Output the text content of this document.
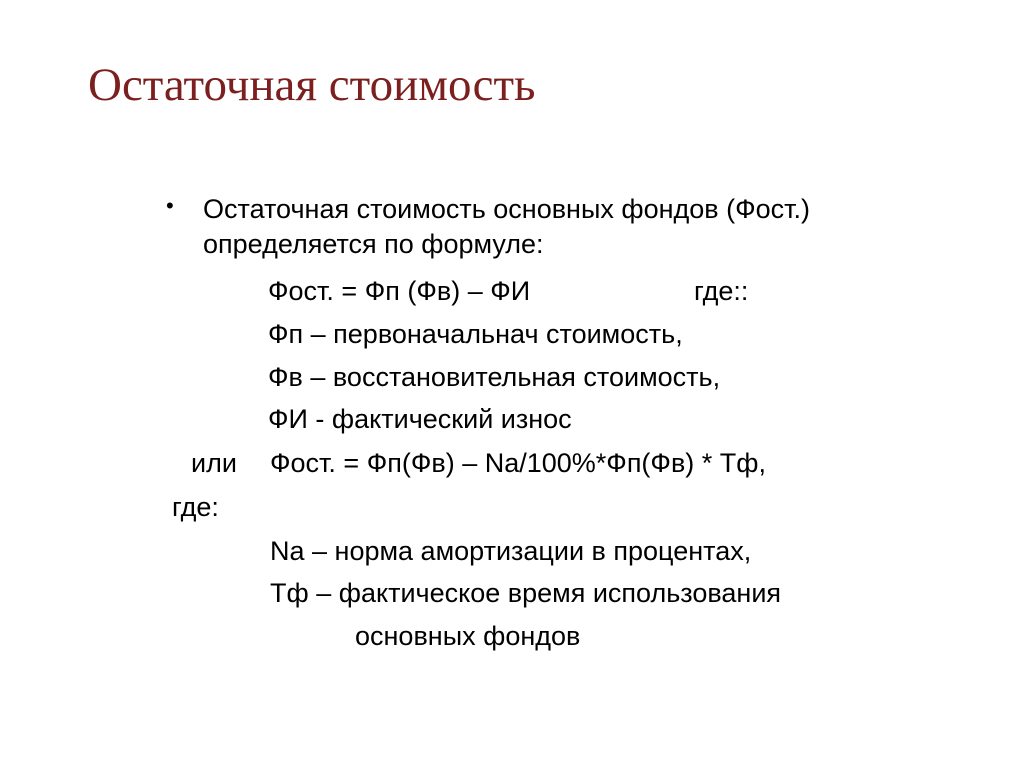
Остаточная стоимость
• Остаточная стоимость основных фондов (Фост.)
определяется по формуле:
Фост. = Фп (Фв) – ФИ	где::
Фп – первоначальнач стоимость,
Фв – восстановительная стоимость,
ФИ - фактический износ
или Фост. = Фп(Фв) – Nа/100%*Фп(Фв) * Тф,
где:
Nа – норма амортизации в процентах,
Тф – фактическое время использования
основных фондов
